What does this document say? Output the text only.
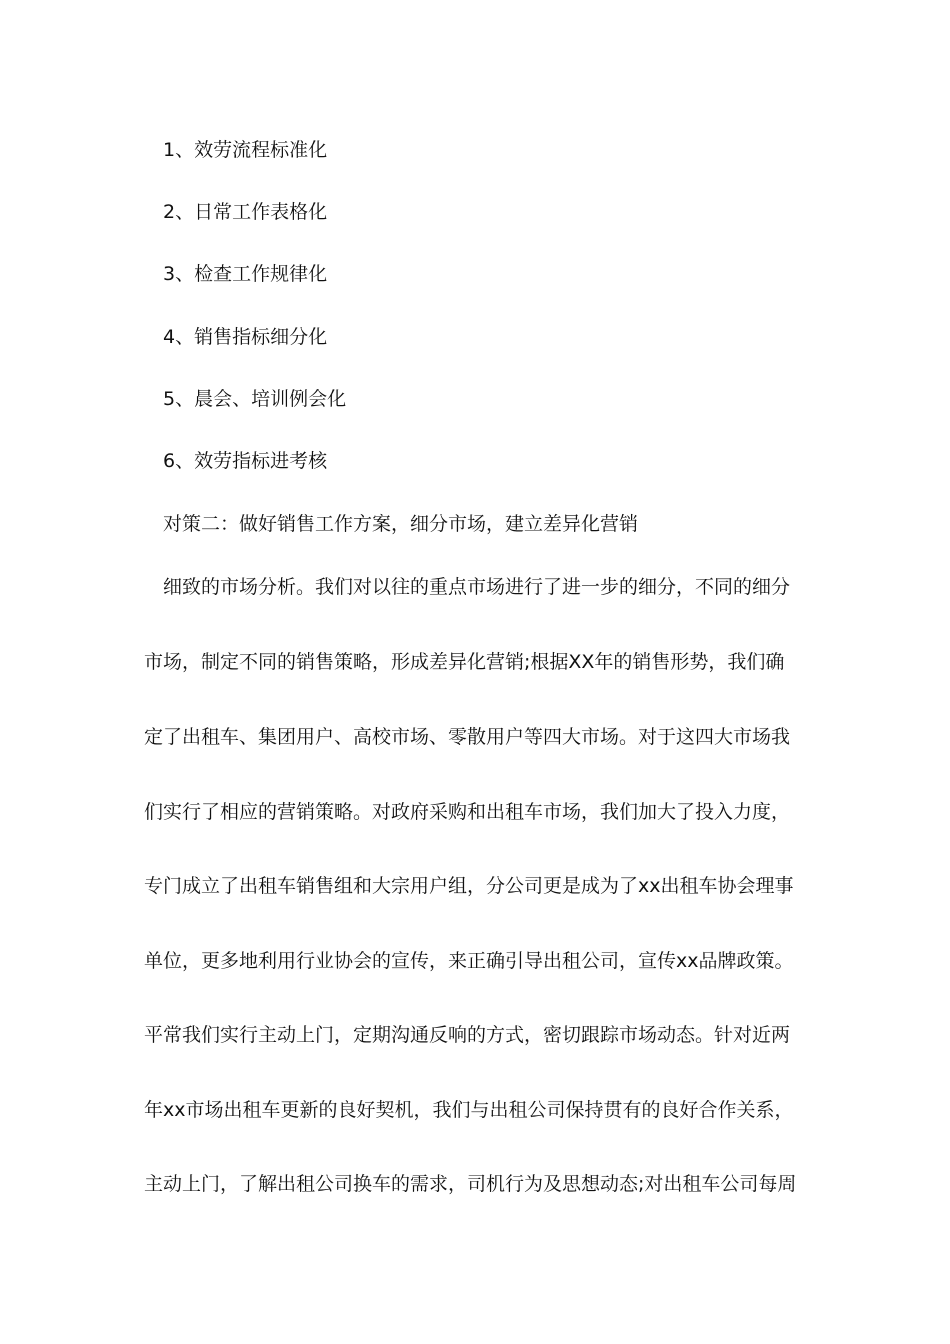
1、效劳流程标准化
2、日常工作表格化
3、检查工作规律化
4、销售指标细分化
5、晨会、培训例会化
6、效劳指标进考核
对策二：做好销售工作方案，细分市场，建立差异化营销
细致的市场分析。我们对以往的重点市场进行了进一步的细分，不同的细分
市场，制定不同的销售策略，形成差异化营销;根据XX年的销售形势，我们确
定了出租车、集团用户、高校市场、零散用户等四大市场。对于这四大市场我
们实行了相应的营销策略。对政府采购和出租车市场，我们加大了投入力度，
专门成立了出租车销售组和大宗用户组，分公司更是成为了xx出租车协会理事
单位，更多地利用行业协会的宣传，来正确引导出租公司，宣传xx品牌政策。
平常我们实行主动上门，定期沟通反响的方式，密切跟踪市场动态。针对近两
年xx市场出租车更新的良好契机，我们与出租公司保持贯有的良好合作关系，
主动上门，了解出租公司换车的需求，司机行为及思想动态;对出租车公司每周
